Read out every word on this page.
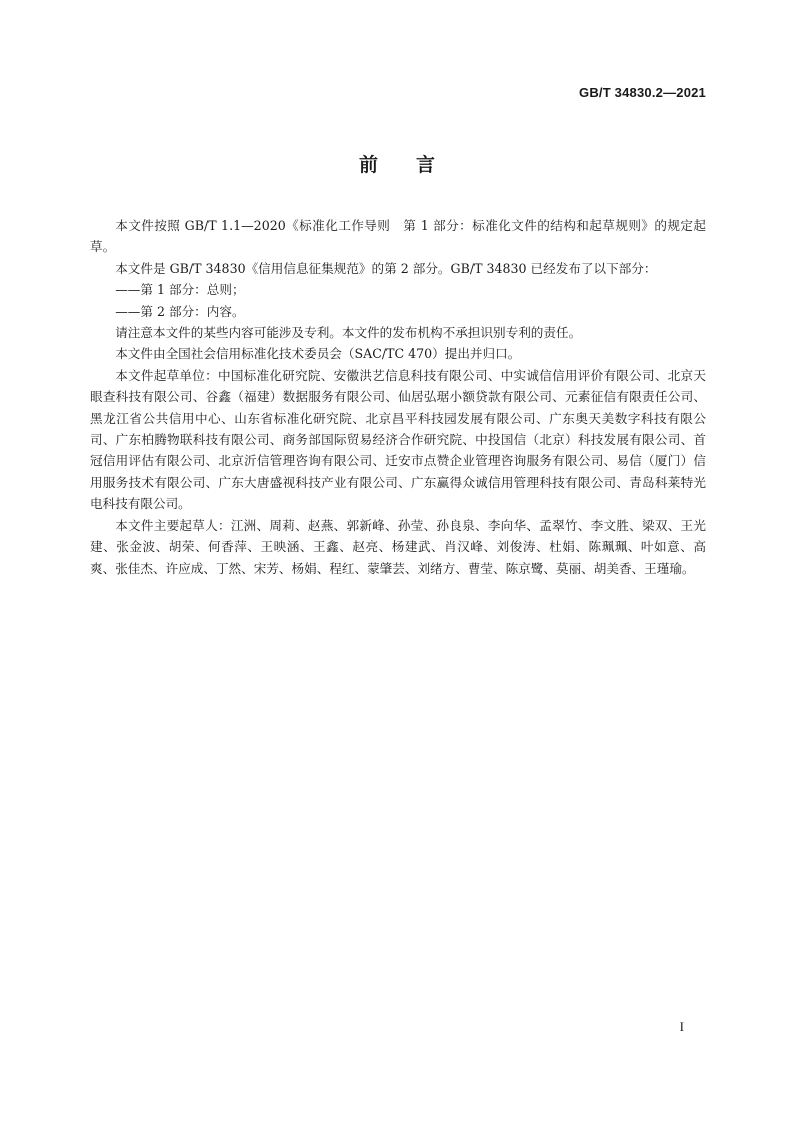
GB/T 34830.2—2021
前 言

本文件按照 GB/T 1.1—2020《标准化工作导则　第 1 部分：标准化文件的结构和起草规则》的规定起草。

本文件是 GB/T 34830《信用信息征集规范》的第 2 部分。GB/T 34830 已经发布了以下部分：

——第 1 部分：总则；

——第 2 部分：内容。

请注意本文件的某些内容可能涉及专利。本文件的发布机构不承担识别专利的责任。

本文件由全国社会信用标准化技术委员会（SAC/TC 470）提出并归口。

本文件起草单位：中国标准化研究院、安徽洪艺信息科技有限公司、中实诚信信用评价有限公司、北京天眼查科技有限公司、谷鑫（福建）数据服务有限公司、仙居弘琚小额贷款有限公司、元素征信有限责任公司、黑龙江省公共信用中心、山东省标准化研究院、北京昌平科技园发展有限公司、广东奥天美数字科技有限公司、广东柏腾物联科技有限公司、商务部国际贸易经济合作研究院、中投国信（北京）科技发展有限公司、首冠信用评估有限公司、北京沂信管理咨询有限公司、迁安市点赞企业管理咨询服务有限公司、易信（厦门）信用服务技术有限公司、广东大唐盛视科技产业有限公司、广东赢得众诚信用管理科技有限公司、青岛科莱特光电科技有限公司。

本文件主要起草人：江洲、周莉、赵燕、郭新峰、孙莹、孙良泉、李向华、孟翠竹、李文胜、梁双、王光建、张金波、胡荣、何香萍、王映涵、王鑫、赵亮、杨建武、肖汉峰、刘俊涛、杜娟、陈珮珮、叶如意、高爽、张佳杰、许应成、丁然、宋芳、杨娟、程红、蒙肇芸、刘绪方、曹莹、陈京鹭、莫丽、胡美香、王瑾瑜。

I
